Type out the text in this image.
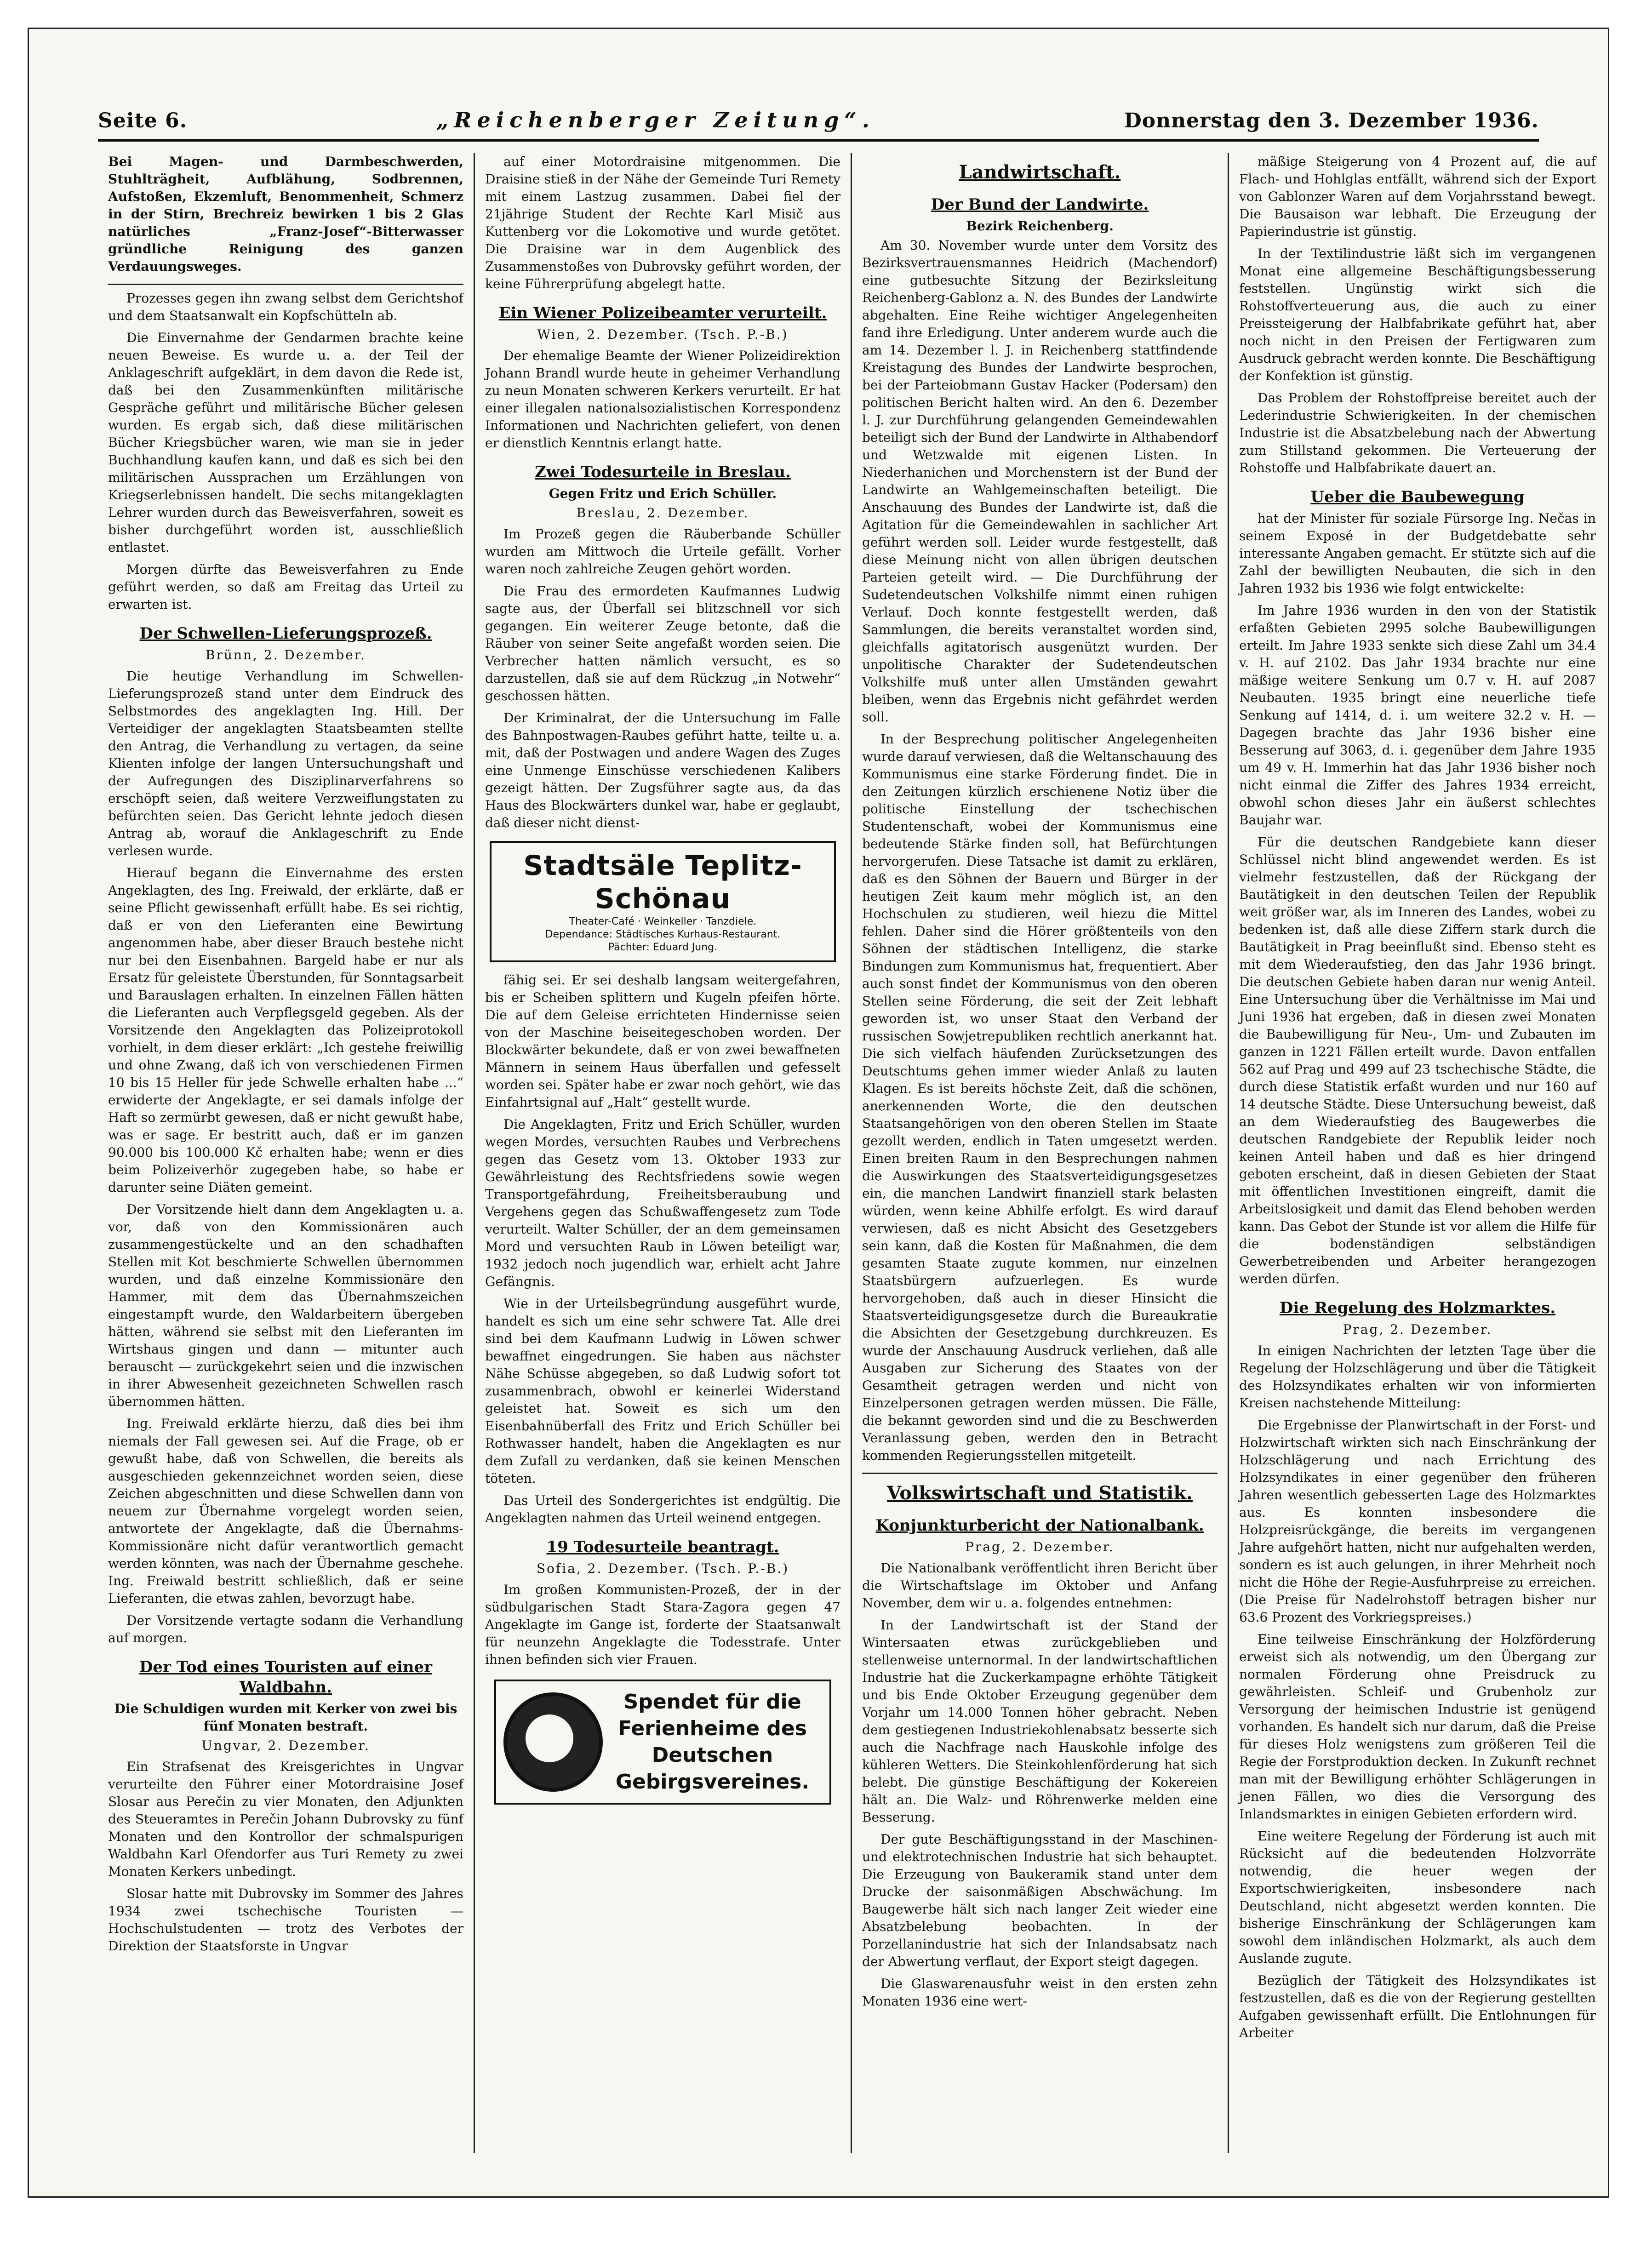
Seite 6.	„Reichenberger Zeitung“.	Donnerstag den 3. Dezember 1936.

Bei Magen- und Darmbeschwerden, Stuhlträgheit, Aufblähung, Sodbrennen, Aufstoßen, Ekzemluft, Benommenheit, Schmerz in der Stirn, Brechreiz bewirken 1 bis 2 Glas natürliches „Franz-Josef“-Bitterwasser gründliche Reinigung des ganzen Verdauungsweges.

Prozesses gegen ihn zwang selbst dem Gerichtshof und dem Staatsanwalt ein Kopfschütteln ab.

Die Einvernahme der Gendarmen brachte keine neuen Beweise. Es wurde u. a. der Teil der Anklageschrift aufgeklärt, in dem davon die Rede ist, daß bei den Zusammenkünften militärische Gespräche geführt und militärische Bücher gelesen wurden. Es ergab sich, daß diese militärischen Bücher Kriegsbücher waren, wie man sie in jeder Buchhandlung kaufen kann, und daß es sich bei den militärischen Aussprachen um Erzählungen von Kriegserlebnissen handelt. Die sechs mitangeklagten Lehrer wurden durch das Beweisverfahren, soweit es bisher durchgeführt worden ist, ausschließlich entlastet.

Morgen dürfte das Beweisverfahren zu Ende geführt werden, so daß am Freitag das Urteil zu erwarten ist.

Der Schwellen-Lieferungsprozeß.
Brünn, 2. Dezember.

Die heutige Verhandlung im Schwellen-Lieferungsprozeß stand unter dem Eindruck des Selbstmordes des angeklagten Ing. Hill. Der Verteidiger der angeklagten Staatsbeamten stellte den Antrag, die Verhandlung zu vertagen, da seine Klienten infolge der langen Untersuchungshaft und der Aufregungen des Disziplinarverfahrens so erschöpft seien, daß weitere Verzweiflungstaten zu befürchten seien. Das Gericht lehnte jedoch diesen Antrag ab, worauf die Anklageschrift zu Ende verlesen wurde.

Hierauf begann die Einvernahme des ersten Angeklagten, des Ing. Freiwald, der erklärte, daß er seine Pflicht gewissenhaft erfüllt habe. Es sei richtig, daß er von den Lieferanten eine Bewirtung angenommen habe, aber dieser Brauch bestehe nicht nur bei den Eisenbahnen. Bargeld habe er nur als Ersatz für geleistete Überstunden, für Sonntagsarbeit und Barauslagen erhalten. In einzelnen Fällen hätten die Lieferanten auch Verpflegsgeld gegeben. Als der Vorsitzende den Angeklagten das Polizeiprotokoll vorhielt, in dem dieser erklärt: „Ich gestehe freiwillig und ohne Zwang, daß ich von verschiedenen Firmen 10 bis 15 Heller für jede Schwelle erhalten habe ...“ erwiderte der Angeklagte, er sei damals infolge der Haft so zermürbt gewesen, daß er nicht gewußt habe, was er sage. Er bestritt auch, daß er im ganzen 90.000 bis 100.000 Kč erhalten habe; wenn er dies beim Polizeiverhör zugegeben habe, so habe er darunter seine Diäten gemeint.

Der Vorsitzende hielt dann dem Angeklagten u. a. vor, daß von den Kommissionären auch zusammengestückelte und an den schadhaften Stellen mit Kot beschmierte Schwellen übernommen wurden, und daß einzelne Kommissionäre den Hammer, mit dem das Übernahmszeichen eingestampft wurde, den Waldarbeitern übergeben hätten, während sie selbst mit den Lieferanten im Wirtshaus gingen und dann — mitunter auch berauscht — zurückgekehrt seien und die inzwischen in ihrer Abwesenheit gezeichneten Schwellen rasch übernommen hätten.

Ing. Freiwald erklärte hierzu, daß dies bei ihm niemals der Fall gewesen sei. Auf die Frage, ob er gewußt habe, daß von Schwellen, die bereits als ausgeschieden gekennzeichnet worden seien, diese Zeichen abgeschnitten und diese Schwellen dann von neuem zur Übernahme vorgelegt worden seien, antwortete der Angeklagte, daß die Übernahms-Kommissionäre nicht dafür verantwortlich gemacht werden könnten, was nach der Übernahme geschehe. Ing. Freiwald bestritt schließlich, daß er seine Lieferanten, die etwas zahlen, bevorzugt habe.

Der Vorsitzende vertagte sodann die Verhandlung auf morgen.

Der Tod eines Touristen auf einer Waldbahn.
Die Schuldigen wurden mit Kerker von zwei bis fünf Monaten bestraft.
Ungvar, 2. Dezember.

Ein Strafsenat des Kreisgerichtes in Ungvar verurteilte den Führer einer Motordraisine Josef Slosar aus Perečin zu vier Monaten, den Adjunkten des Steueramtes in Perečin Johann Dubrovsky zu fünf Monaten und den Kontrollor der schmalspurigen Waldbahn Karl Ofendorfer aus Turi Remety zu zwei Monaten Kerkers unbedingt.

Slosar hatte mit Dubrovsky im Sommer des Jahres 1934 zwei tschechische Touristen — Hochschulstudenten — trotz des Verbotes der Direktion der Staatsforste in Ungvar

auf einer Motordraisine mitgenommen. Die Draisine stieß in der Nähe der Gemeinde Turi Remety mit einem Lastzug zusammen. Dabei fiel der 21jährige Student der Rechte Karl Misič aus Kuttenberg vor die Lokomotive und wurde getötet. Die Draisine war in dem Augenblick des Zusammenstoßes von Dubrovsky geführt worden, der keine Führerprüfung abgelegt hatte.

Ein Wiener Polizeibeamter verurteilt.
Wien, 2. Dezember. (Tsch. P.-B.)

Der ehemalige Beamte der Wiener Polizeidirektion Johann Brandl wurde heute in geheimer Verhandlung zu neun Monaten schweren Kerkers verurteilt. Er hat einer illegalen nationalsozialistischen Korrespondenz Informationen und Nachrichten geliefert, von denen er dienstlich Kenntnis erlangt hatte.

Zwei Todesurteile in Breslau.
Gegen Fritz und Erich Schüller.
Breslau, 2. Dezember.

Im Prozeß gegen die Räuberbande Schüller wurden am Mittwoch die Urteile gefällt. Vorher waren noch zahlreiche Zeugen gehört worden.

Die Frau des ermordeten Kaufmannes Ludwig sagte aus, der Überfall sei blitzschnell vor sich gegangen. Ein weiterer Zeuge betonte, daß die Räuber von seiner Seite angefaßt worden seien. Die Verbrecher hatten nämlich versucht, es so darzustellen, daß sie auf dem Rückzug „in Notwehr“ geschossen hätten.

Der Kriminalrat, der die Untersuchung im Falle des Bahnpostwagen-Raubes geführt hatte, teilte u. a. mit, daß der Postwagen und andere Wagen des Zuges eine Unmenge Einschüsse verschiedenen Kalibers gezeigt hätten. Der Zugsführer sagte aus, da das Haus des Blockwärters dunkel war, habe er geglaubt, daß dieser nicht dienst-

Stadtsäle Teplitz-Schönau
Theater-Café · Weinkeller · Tanzdiele.
Dependance: Städtisches Kurhaus-Restaurant.
Pächter: Eduard Jung.

fähig sei. Er sei deshalb langsam weitergefahren, bis er Scheiben splittern und Kugeln pfeifen hörte. Die auf dem Geleise errichteten Hindernisse seien von der Maschine beiseitegeschoben worden. Der Blockwärter bekundete, daß er von zwei bewaffneten Männern in seinem Haus überfallen und gefesselt worden sei. Später habe er zwar noch gehört, wie das Einfahrtsignal auf „Halt“ gestellt wurde.

Die Angeklagten, Fritz und Erich Schüller, wurden wegen Mordes, versuchten Raubes und Verbrechens gegen das Gesetz vom 13. Oktober 1933 zur Gewährleistung des Rechtsfriedens sowie wegen Transportgefährdung, Freiheitsberaubung und Vergehens gegen das Schußwaffengesetz zum Tode verurteilt. Walter Schüller, der an dem gemeinsamen Mord und versuchten Raub in Löwen beteiligt war, 1932 jedoch noch jugendlich war, erhielt acht Jahre Gefängnis.

Wie in der Urteilsbegründung ausgeführt wurde, handelt es sich um eine sehr schwere Tat. Alle drei sind bei dem Kaufmann Ludwig in Löwen schwer bewaffnet eingedrungen. Sie haben aus nächster Nähe Schüsse abgegeben, so daß Ludwig sofort tot zusammenbrach, obwohl er keinerlei Widerstand geleistet hat. Soweit es sich um den Eisenbahnüberfall des Fritz und Erich Schüller bei Rothwasser handelt, haben die Angeklagten es nur dem Zufall zu verdanken, daß sie keinen Menschen töteten.

Das Urteil des Sondergerichtes ist endgültig. Die Angeklagten nahmen das Urteil weinend entgegen.

19 Todesurteile beantragt.
Sofia, 2. Dezember. (Tsch. P.-B.)

Im großen Kommunisten-Prozeß, der in der südbulgarischen Stadt Stara-Zagora gegen 47 Angeklagte im Gange ist, forderte der Staatsanwalt für neunzehn Angeklagte die Todesstrafe. Unter ihnen befinden sich vier Frauen.

Spendet für die Ferienheime des Deutschen Gebirgsvereines.
Landwirtschaft.
Der Bund der Landwirte.
Bezirk Reichenberg.

Am 30. November wurde unter dem Vorsitz des Bezirksvertrauensmannes Heidrich (Machendorf) eine gutbesuchte Sitzung der Bezirksleitung Reichenberg-Gablonz a. N. des Bundes der Landwirte abgehalten. Eine Reihe wichtiger Angelegenheiten fand ihre Erledigung. Unter anderem wurde auch die am 14. Dezember l. J. in Reichenberg stattfindende Kreistagung des Bundes der Landwirte besprochen, bei der Parteiobmann Gustav Hacker (Podersam) den politischen Bericht halten wird. An den 6. Dezember l. J. zur Durchführung gelangenden Gemeindewahlen beteiligt sich der Bund der Landwirte in Althabendorf und Wetzwalde mit eigenen Listen. In Niederhanichen und Morchenstern ist der Bund der Landwirte an Wahlgemeinschaften beteiligt. Die Anschauung des Bundes der Landwirte ist, daß die Agitation für die Gemeindewahlen in sachlicher Art geführt werden soll. Leider wurde festgestellt, daß diese Meinung nicht von allen übrigen deutschen Parteien geteilt wird. — Die Durchführung der Sudetendeutschen Volkshilfe nimmt einen ruhigen Verlauf. Doch konnte festgestellt werden, daß Sammlungen, die bereits veranstaltet worden sind, gleichfalls agitatorisch ausgenützt wurden. Der unpolitische Charakter der Sudetendeutschen Volkshilfe muß unter allen Umständen gewahrt bleiben, wenn das Ergebnis nicht gefährdet werden soll.

In der Besprechung politischer Angelegenheiten wurde darauf verwiesen, daß die Weltanschauung des Kommunismus eine starke Förderung findet. Die in den Zeitungen kürzlich erschienene Notiz über die politische Einstellung der tschechischen Studentenschaft, wobei der Kommunismus eine bedeutende Stärke finden soll, hat Befürchtungen hervorgerufen. Diese Tatsache ist damit zu erklären, daß es den Söhnen der Bauern und Bürger in der heutigen Zeit kaum mehr möglich ist, an den Hochschulen zu studieren, weil hiezu die Mittel fehlen. Daher sind die Hörer größtenteils von den Söhnen der städtischen Intelligenz, die starke Bindungen zum Kommunismus hat, frequentiert. Aber auch sonst findet der Kommunismus von den oberen Stellen seine Förderung, die seit der Zeit lebhaft geworden ist, wo unser Staat den Verband der russischen Sowjetrepubliken rechtlich anerkannt hat. Die sich vielfach häufenden Zurücksetzungen des Deutschtums gehen immer wieder Anlaß zu lauten Klagen. Es ist bereits höchste Zeit, daß die schönen, anerkennenden Worte, die den deutschen Staatsangehörigen von den oberen Stellen im Staate gezollt werden, endlich in Taten umgesetzt werden. Einen breiten Raum in den Besprechungen nahmen die Auswirkungen des Staatsverteidigungsgesetzes ein, die manchen Landwirt finanziell stark belasten würden, wenn keine Abhilfe erfolgt. Es wird darauf verwiesen, daß es nicht Absicht des Gesetzgebers sein kann, daß die Kosten für Maßnahmen, die dem gesamten Staate zugute kommen, nur einzelnen Staatsbürgern aufzuerlegen. Es wurde hervorgehoben, daß auch in dieser Hinsicht die Staatsverteidigungsgesetze durch die Bureaukratie die Absichten der Gesetzgebung durchkreuzen. Es wurde der Anschauung Ausdruck verliehen, daß alle Ausgaben zur Sicherung des Staates von der Gesamtheit getragen werden und nicht von Einzelpersonen getragen werden müssen. Die Fälle, die bekannt geworden sind und die zu Beschwerden Veranlassung geben, werden den in Betracht kommenden Regierungsstellen mitgeteilt.

Volkswirtschaft und Statistik.
Konjunkturbericht der Nationalbank.
Prag, 2. Dezember.

Die Nationalbank veröffentlicht ihren Bericht über die Wirtschaftslage im Oktober und Anfang November, dem wir u. a. folgendes entnehmen:

In der Landwirtschaft ist der Stand der Wintersaaten etwas zurückgeblieben und stellenweise unternormal. In der landwirtschaftlichen Industrie hat die Zuckerkampagne erhöhte Tätigkeit und bis Ende Oktober Erzeugung gegenüber dem Vorjahr um 14.000 Tonnen höher gebracht. Neben dem gestiegenen Industriekohlenabsatz besserte sich auch die Nachfrage nach Hauskohle infolge des kühleren Wetters. Die Steinkohlenförderung hat sich belebt. Die günstige Beschäftigung der Kokereien hält an. Die Walz- und Röhrenwerke melden eine Besserung.

Der gute Beschäftigungsstand in der Maschinen- und elektrotechnischen Industrie hat sich behauptet. Die Erzeugung von Baukeramik stand unter dem Drucke der saisonmäßigen Abschwächung. Im Baugewerbe hält sich nach langer Zeit wieder eine Absatzbelebung beobachten. In der Porzellanindustrie hat sich der Inlandsabsatz nach der Abwertung verflaut, der Export steigt dagegen.

Die Glaswarenausfuhr weist in den ersten zehn Monaten 1936 eine wert-

mäßige Steigerung von 4 Prozent auf, die auf Flach- und Hohlglas entfällt, während sich der Export von Gablonzer Waren auf dem Vorjahrsstand bewegt. Die Bausaison war lebhaft. Die Erzeugung der Papierindustrie ist günstig.

In der Textilindustrie läßt sich im vergangenen Monat eine allgemeine Beschäftigungsbesserung feststellen. Ungünstig wirkt sich die Rohstoffverteuerung aus, die auch zu einer Preissteigerung der Halbfabrikate geführt hat, aber noch nicht in den Preisen der Fertigwaren zum Ausdruck gebracht werden konnte. Die Beschäftigung der Konfektion ist günstig.

Das Problem der Rohstoffpreise bereitet auch der Lederindustrie Schwierigkeiten. In der chemischen Industrie ist die Absatzbelebung nach der Abwertung zum Stillstand gekommen. Die Verteuerung der Rohstoffe und Halbfabrikate dauert an.

Ueber die Baubewegung

hat der Minister für soziale Fürsorge Ing. Nečas in seinem Exposé in der Budgetdebatte sehr interessante Angaben gemacht. Er stützte sich auf die Zahl der bewilligten Neubauten, die sich in den Jahren 1932 bis 1936 wie folgt entwickelte:

Im Jahre 1936 wurden in den von der Statistik erfaßten Gebieten 2995 solche Baubewilligungen erteilt. Im Jahre 1933 senkte sich diese Zahl um 34.4 v. H. auf 2102. Das Jahr 1934 brachte nur eine mäßige weitere Senkung um 0.7 v. H. auf 2087 Neubauten. 1935 bringt eine neuerliche tiefe Senkung auf 1414, d. i. um weitere 32.2 v. H. — Dagegen brachte das Jahr 1936 bisher eine Besserung auf 3063, d. i. gegenüber dem Jahre 1935 um 49 v. H. Immerhin hat das Jahr 1936 bisher noch nicht einmal die Ziffer des Jahres 1934 erreicht, obwohl schon dieses Jahr ein äußerst schlechtes Baujahr war.

Für die deutschen Randgebiete kann dieser Schlüssel nicht blind angewendet werden. Es ist vielmehr festzustellen, daß der Rückgang der Bautätigkeit in den deutschen Teilen der Republik weit größer war, als im Inneren des Landes, wobei zu bedenken ist, daß alle diese Ziffern stark durch die Bautätigkeit in Prag beeinflußt sind. Ebenso steht es mit dem Wiederaufstieg, den das Jahr 1936 bringt. Die deutschen Gebiete haben daran nur wenig Anteil. Eine Untersuchung über die Verhältnisse im Mai und Juni 1936 hat ergeben, daß in diesen zwei Monaten die Baubewilligung für Neu-, Um- und Zubauten im ganzen in 1221 Fällen erteilt wurde. Davon entfallen 562 auf Prag und 499 auf 23 tschechische Städte, die durch diese Statistik erfaßt wurden und nur 160 auf 14 deutsche Städte. Diese Untersuchung beweist, daß an dem Wiederaufstieg des Baugewerbes die deutschen Randgebiete der Republik leider noch keinen Anteil haben und daß es hier dringend geboten erscheint, daß in diesen Gebieten der Staat mit öffentlichen Investitionen eingreift, damit die Arbeitslosigkeit und damit das Elend behoben werden kann. Das Gebot der Stunde ist vor allem die Hilfe für die bodenständigen selbständigen Gewerbetreibenden und Arbeiter herangezogen werden dürfen.

Die Regelung des Holzmarktes.
Prag, 2. Dezember.

In einigen Nachrichten der letzten Tage über die Regelung der Holzschlägerung und über die Tätigkeit des Holzsyndikates erhalten wir von informierten Kreisen nachstehende Mitteilung:

Die Ergebnisse der Planwirtschaft in der Forst- und Holzwirtschaft wirkten sich nach Einschränkung der Holzschlägerung und nach Errichtung des Holzsyndikates in einer gegenüber den früheren Jahren wesentlich gebesserten Lage des Holzmarktes aus. Es konnten insbesondere die Holzpreisrückgänge, die bereits im vergangenen Jahre aufgehört hatten, nicht nur aufgehalten werden, sondern es ist auch gelungen, in ihrer Mehrheit noch nicht die Höhe der Regie-Ausfuhrpreise zu erreichen. (Die Preise für Nadelrohstoff betragen bisher nur 63.6 Prozent des Vorkriegspreises.)

Eine teilweise Einschränkung der Holzförderung erweist sich als notwendig, um den Übergang zur normalen Förderung ohne Preisdruck zu gewährleisten. Schleif- und Grubenholz zur Versorgung der heimischen Industrie ist genügend vorhanden. Es handelt sich nur darum, daß die Preise für dieses Holz wenigstens zum größeren Teil die Regie der Forstproduktion decken. In Zukunft rechnet man mit der Bewilligung erhöhter Schlägerungen in jenen Fällen, wo dies die Versorgung des Inlandsmarktes in einigen Gebieten erfordern wird.

Eine weitere Regelung der Förderung ist auch mit Rücksicht auf die bedeutenden Holzvorräte notwendig, die heuer wegen der Exportschwierigkeiten, insbesondere nach Deutschland, nicht abgesetzt werden konnten. Die bisherige Einschränkung der Schlägerungen kam sowohl dem inländischen Holzmarkt, als auch dem Auslande zugute.

Bezüglich der Tätigkeit des Holzsyndikates ist festzustellen, daß es die von der Regierung gestellten Aufgaben gewissenhaft erfüllt. Die Entlohnungen für Arbeiter
